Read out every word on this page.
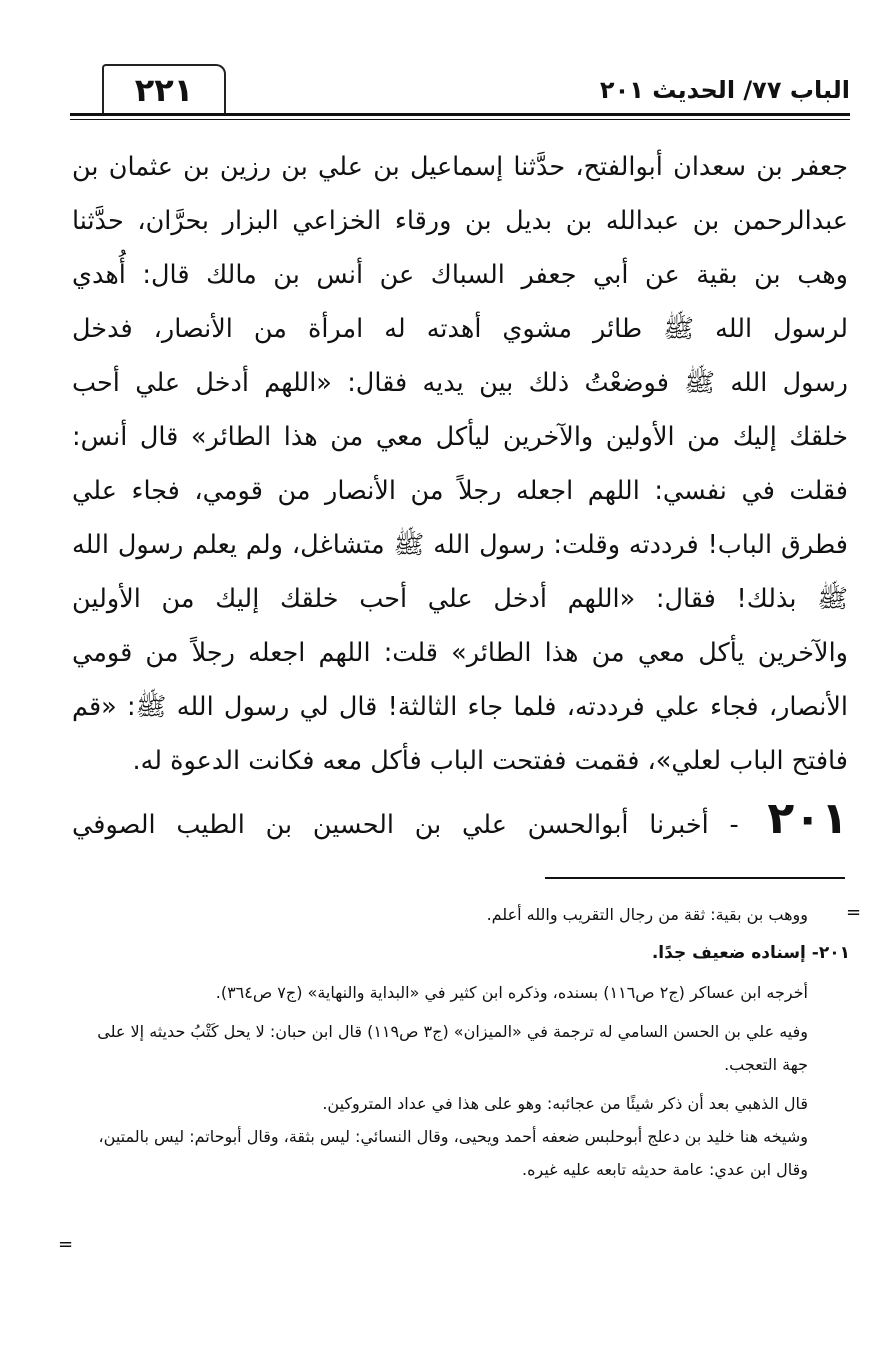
٢٢١	الباب ٧٧/ الحديث ٢٠١
جعفر بن سعدان أبوالفتح، حدَّثنا إسماعيل بن علي بن رزين بن عثمان بن
عبدالرحمن بن عبدالله بن بديل بن ورقاء الخزاعي البزار بحرَّان، حدَّثنا
وهب بن بقية عن أبي جعفر السباك عن أنس بن مالك قال: أُهدي
لرسول الله ﷺ طائر مشوي أهدته له امرأة من الأنصار، فدخل
رسول الله ﷺ فوضعْتُ ذلك بين يديه فقال: «اللهم أدخل علي أحب
خلقك إليك من الأولين والآخرين ليأكل معي من هذا الطائر» قال أنس:
فقلت في نفسي: اللهم اجعله رجلاً من الأنصار من قومي، فجاء علي
فطرق الباب! فرددته وقلت: رسول الله ﷺ متشاغل، ولم يعلم رسول الله
ﷺ بذلك! فقال: «اللهم أدخل علي أحب خلقك إليك من الأولين
والآخرين يأكل معي من هذا الطائر» قلت: اللهم اجعله رجلاً من قومي
الأنصار، فجاء علي فرددته، فلما جاء الثالثة! قال لي رسول الله ﷺ: «قم
فافتح الباب لعلي»، فقمت ففتحت الباب فأكل معه فكانت الدعوة له.
٢٠١ - أخبرنا أبوالحسن علي بن الحسين بن الطيب الصوفي
=
ووهب بن بقية: ثقة من رجال التقريب والله أعلم.
٢٠١- إسناده ضعيف جدًا.
أخرجه ابن عساكر (ج٢ ص١١٦) بسنده، وذكره ابن كثير في «البداية والنهاية» (ج٧ ص٣٦٤).
وفيه علي بن الحسن السامي له ترجمة في «الميزان» (ج٣ ص١١٩) قال ابن حبان: لا يحل كَتْبُ حديثه إلا على جهة التعجب.
قال الذهبي بعد أن ذكر شيئًا من عجائبه: وهو على هذا في عداد المتروكين.
وشيخه هنا خليد بن دعلج أبوحلبس ضعفه أحمد ويحيى، وقال النسائي: ليس بثقة، وقال أبوحاتم: ليس بالمتين، وقال ابن عدي: عامة حديثه تابعه عليه غيره.
=
